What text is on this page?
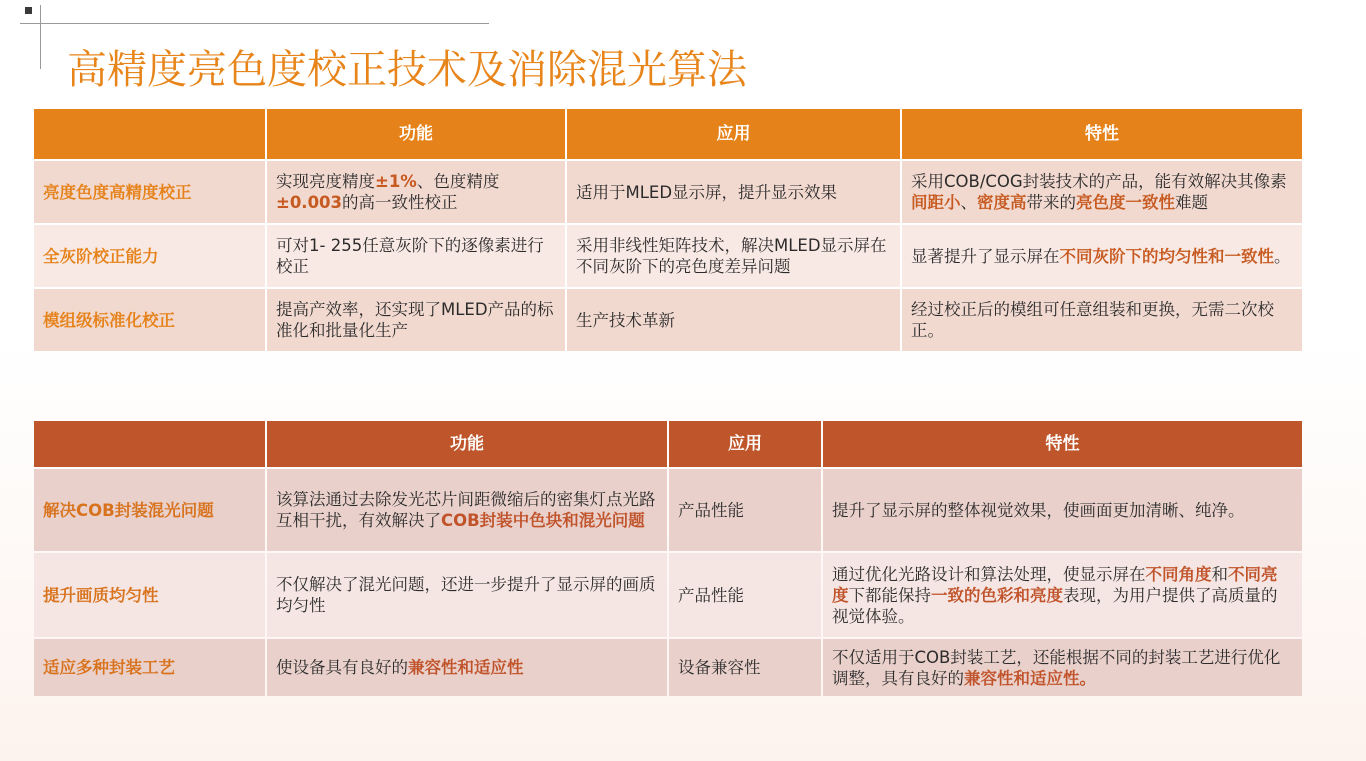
高精度亮色度校正技术及消除混光算法
	功能	应用	特性
亮度色度高精度校正	实现亮度精度±1%、色度精度±0.003的高一致性校正	适用于MLED显示屏，提升显示效果	采用COB/COG封装技术的产品，能有效解决其像素间距小、密度高带来的亮色度一致性难题
全灰阶校正能力	可对1- 255任意灰阶下的逐像素进行校正	采用非线性矩阵技术，解决MLED显示屏在不同灰阶下的亮色度差异问题	显著提升了显示屏在不同灰阶下的均匀性和一致性。
模组级标准化校正	提高产效率，还实现了MLED产品的标准化和批量化生产	生产技术革新	经过校正后的模组可任意组装和更换，无需二次校正。
	功能	应用	特性
解决COB封装混光问题	该算法通过去除发光芯片间距微缩后的密集灯点光路互相干扰，有效解决了COB封装中色块和混光问题	产品性能	提升了显示屏的整体视觉效果，使画面更加清晰、纯净。
提升画质均匀性	不仅解决了混光问题，还进一步提升了显示屏的画质均匀性	产品性能	通过优化光路设计和算法处理，使显示屏在不同角度和不同亮度下都能保持一致的色彩和亮度表现，为用户提供了高质量的视觉体验。
适应多种封装工艺	使设备具有良好的兼容性和适应性	设备兼容性	不仅适用于COB封装工艺，还能根据不同的封装工艺进行优化调整，具有良好的兼容性和适应性。
